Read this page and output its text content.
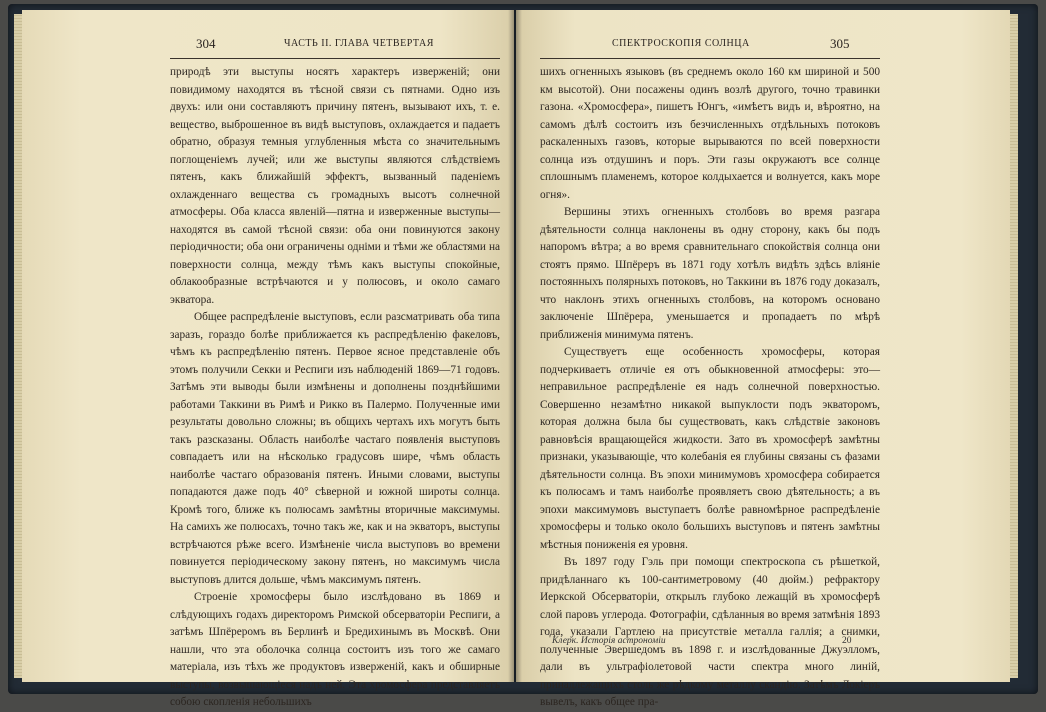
304	ЧАСТЬ II. ГЛАВА ЧЕТВЕРТАЯ

природѣ эти выступы носятъ характеръ изверженій; они повидимому находятся въ тѣсной связи съ пятнами. Одно изъ двухъ: или они составляютъ причину пятенъ, вызывают ихъ, т. е. вещество, выброшенное въ видѣ выступовъ, охлаждается и падаетъ обратно, образуя темныя углубленныя мѣста со значительнымъ поглощеніемъ лучей; или же выступы являются слѣдствіемъ пятенъ, какъ ближайшій эффектъ, вызванный паденіемъ охлажденнаго вещества съ громадныхъ высотъ солнечной атмосферы. Оба класса явленій—пятна и изверженные выступы—находятся въ самой тѣсной связи: оба они повинуются закону періодичности; оба они ограничены одніми и тѣми же областями на поверхности солнца, между тѣмъ какъ выступы спокойные, облакообразные встрѣчаются и у полюсовъ, и около самаго экватора.

Общее распредѣленіе выступовъ, если разсматривать оба типа заразъ, гораздо болѣе приближается къ распредѣленію факеловъ, чѣмъ къ распредѣленію пятенъ. Первое ясное представленіе объ этомъ получили Секки и Респиги изъ наблюденій 1869—71 годовъ. Затѣмъ эти выводы были измѣнены и дополнены позднѣйшими работами Таккини въ Римѣ и Рикко въ Палермо. Полученные ими результаты довольно сложны; въ общихъ чертахъ ихъ могутъ быть такъ разсказаны. Область наиболѣе частаго появленія выступовъ совпадаетъ или на нѣсколько градусовъ шире, чѣмъ область наиболѣе частаго образованія пятенъ. Иными словами, выступы попадаются даже подъ 40° сѣверной и южной широты солнца. Кромѣ того, ближе къ полюсамъ замѣтны вторичные максимумы. На самихъ же полюсахъ, точно такъ же, как и на экваторъ, выступы встрѣчаются рѣже всего. Измѣненіе числа выступовъ во времени повинуется періодическому закону пятенъ, но максимумъ числа выступовъ длится дольше, чѣмъ максимумъ пятенъ.

Строеніе хромосферы было изслѣдовано въ 1869 и слѣдующихъ годахъ директоромъ Римской обсерваторіи Респиги, а затѣмъ Шпёреромъ въ Берлинѣ и Бредихинымъ въ Москвѣ. Они нашли, что эта оболочка солнца состоитъ изъ того же самаго матеріала, изъ тѣхъ же продуктовъ изверженій, какъ и обширные выступы, возвышающіеся надъ ней. Эта хромосфера представляетъ собою скопленія небольшихъ

СПЕКТРОСКОПІЯ СОЛНЦА	305

шихъ огненныхъ языковъ (въ среднемъ около 160 км шириной и 500 км высотой). Они посажены одинъ возлѣ другого, точно травинки газона. «Хромосфера», пишетъ Юнгъ, «имѣетъ видъ и, вѣроятно, на самомъ дѣлѣ состоитъ изъ безчисленныхъ отдѣльныхъ потоковъ раскаленныхъ газовъ, которые вырываются по всей поверхности солнца изъ отдушинъ и поръ. Эти газы окружаютъ все солнце сплошнымъ пламенемъ, которое колдыхается и волнуется, какъ море огня».

Вершины этихъ огненныхъ столбовъ во время разгара дѣятельности солнца наклонены въ одну сторону, какъ бы подъ напоромъ вѣтра; а во время сравнительнаго спокойствія солнца они стоятъ прямо. Шпёреръ въ 1871 году хотѣлъ видѣть здѣсь вліяніе постоянныхъ полярныхъ потоковъ, но Таккини въ 1876 году доказалъ, что наклонъ этихъ огненныхъ столбовъ, на которомъ основано заключеніе Шпёрера, уменьшается и пропадаетъ по мѣрѣ приближенія минимума пятенъ.

Существуетъ еще особенность хромосферы, которая подчеркиваетъ отличіе ея отъ обыкновенной атмосферы: это—неправильное распредѣленіе ея надъ солнечной поверхностью. Совершенно незамѣтно никакой выпуклости подъ экваторомъ, которая должна была бы существовать, какъ слѣдствіе законовъ равновѣсія вращающейся жидкости. Зато въ хромосферѣ замѣтны признаки, указывающіе, что колебанія ея глубины связаны съ фазами дѣятельности солнца. Въ эпохи минимумовъ хромосфера собирается къ полюсамъ и тамъ наиболѣе проявляетъ свою дѣятельность; а въ эпохи максимумовъ выступаетъ болѣе равномѣрное распредѣленіе хромосферы и только около большихъ выступовъ и пятенъ замѣтны мѣстныя пониженія ея уровня.

Въ 1897 году Гэль при помощи спектроскопа съ рѣшеткой, придѣланнаго къ 100-сантиметровому (40 дюйм.) рефрактору Иеркской Обсерваторіи, открылъ глубоко лежащій въ хромосферѣ слой паровъ углерода. Фотографіи, сдѣланныя во время затмѣнія 1893 года, указали Гартлею на присутствіе металла галлія; а снимки, полученные Эвершедомъ въ 1898 г. и изслѣдованные Джуэлломъ, дали въ ультрафіолетовой части спектра много линій, принадлежащихъ столь же рѣдкому металлу скандію. Затѣмъ Локіеръ вывелъ, какъ общее пра-

Клерк. Исторія астрономіи	20
